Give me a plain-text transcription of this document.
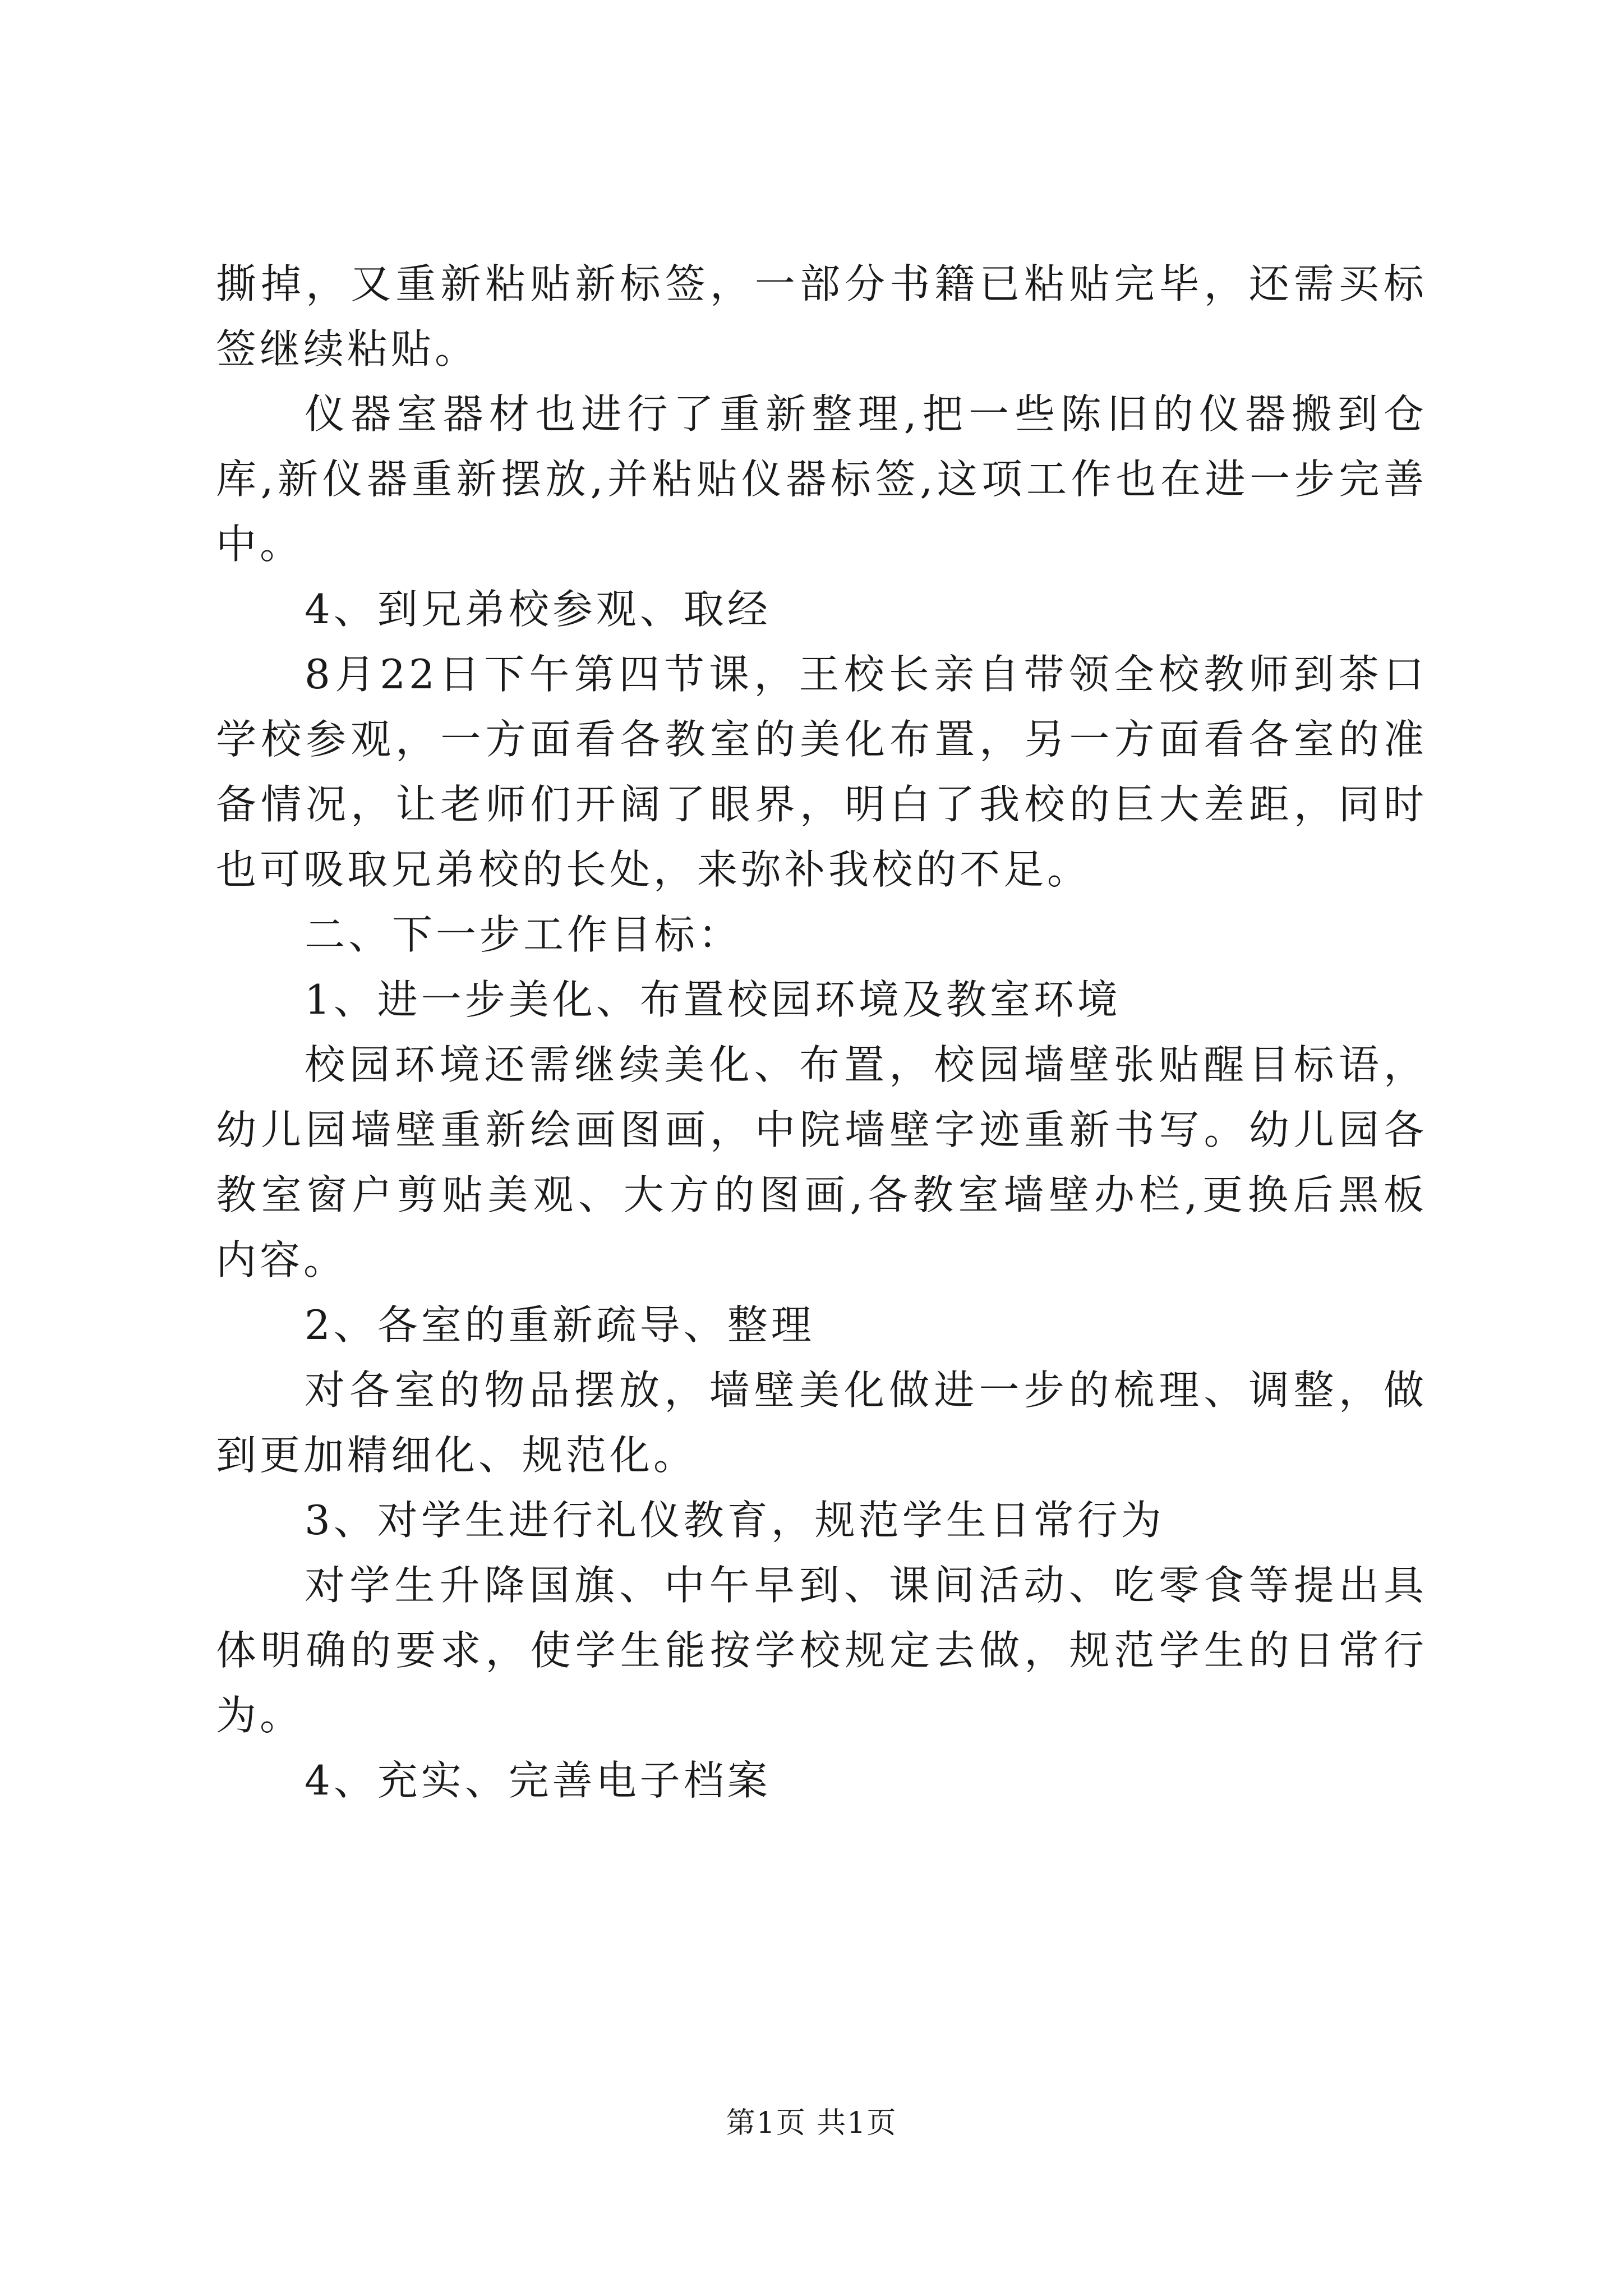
撕掉，又重新粘贴新标签，一部分书籍已粘贴完毕，还需买标签继续粘贴。

仪器室器材也进行了重新整理,把一些陈旧的仪器搬到仓库,新仪器重新摆放,并粘贴仪器标签,这项工作也在进一步完善中。

4、到兄弟校参观、取经

8月22日下午第四节课，王校长亲自带领全校教师到茶口学校参观，一方面看各教室的美化布置，另一方面看各室的准备情况，让老师们开阔了眼界，明白了我校的巨大差距，同时也可吸取兄弟校的长处，来弥补我校的不足。

二、下一步工作目标：

1、进一步美化、布置校园环境及教室环境

校园环境还需继续美化、布置，校园墙壁张贴醒目标语，幼儿园墙壁重新绘画图画，中院墙壁字迹重新书写。幼儿园各教室窗户剪贴美观、大方的图画,各教室墙壁办栏,更换后黑板内容。

2、各室的重新疏导、整理

对各室的物品摆放，墙壁美化做进一步的梳理、调整，做到更加精细化、规范化。

3、对学生进行礼仪教育，规范学生日常行为

对学生升降国旗、中午早到、课间活动、吃零食等提出具体明确的要求，使学生能按学校规定去做，规范学生的日常行为。

4、充实、完善电子档案

第1页 共1页
